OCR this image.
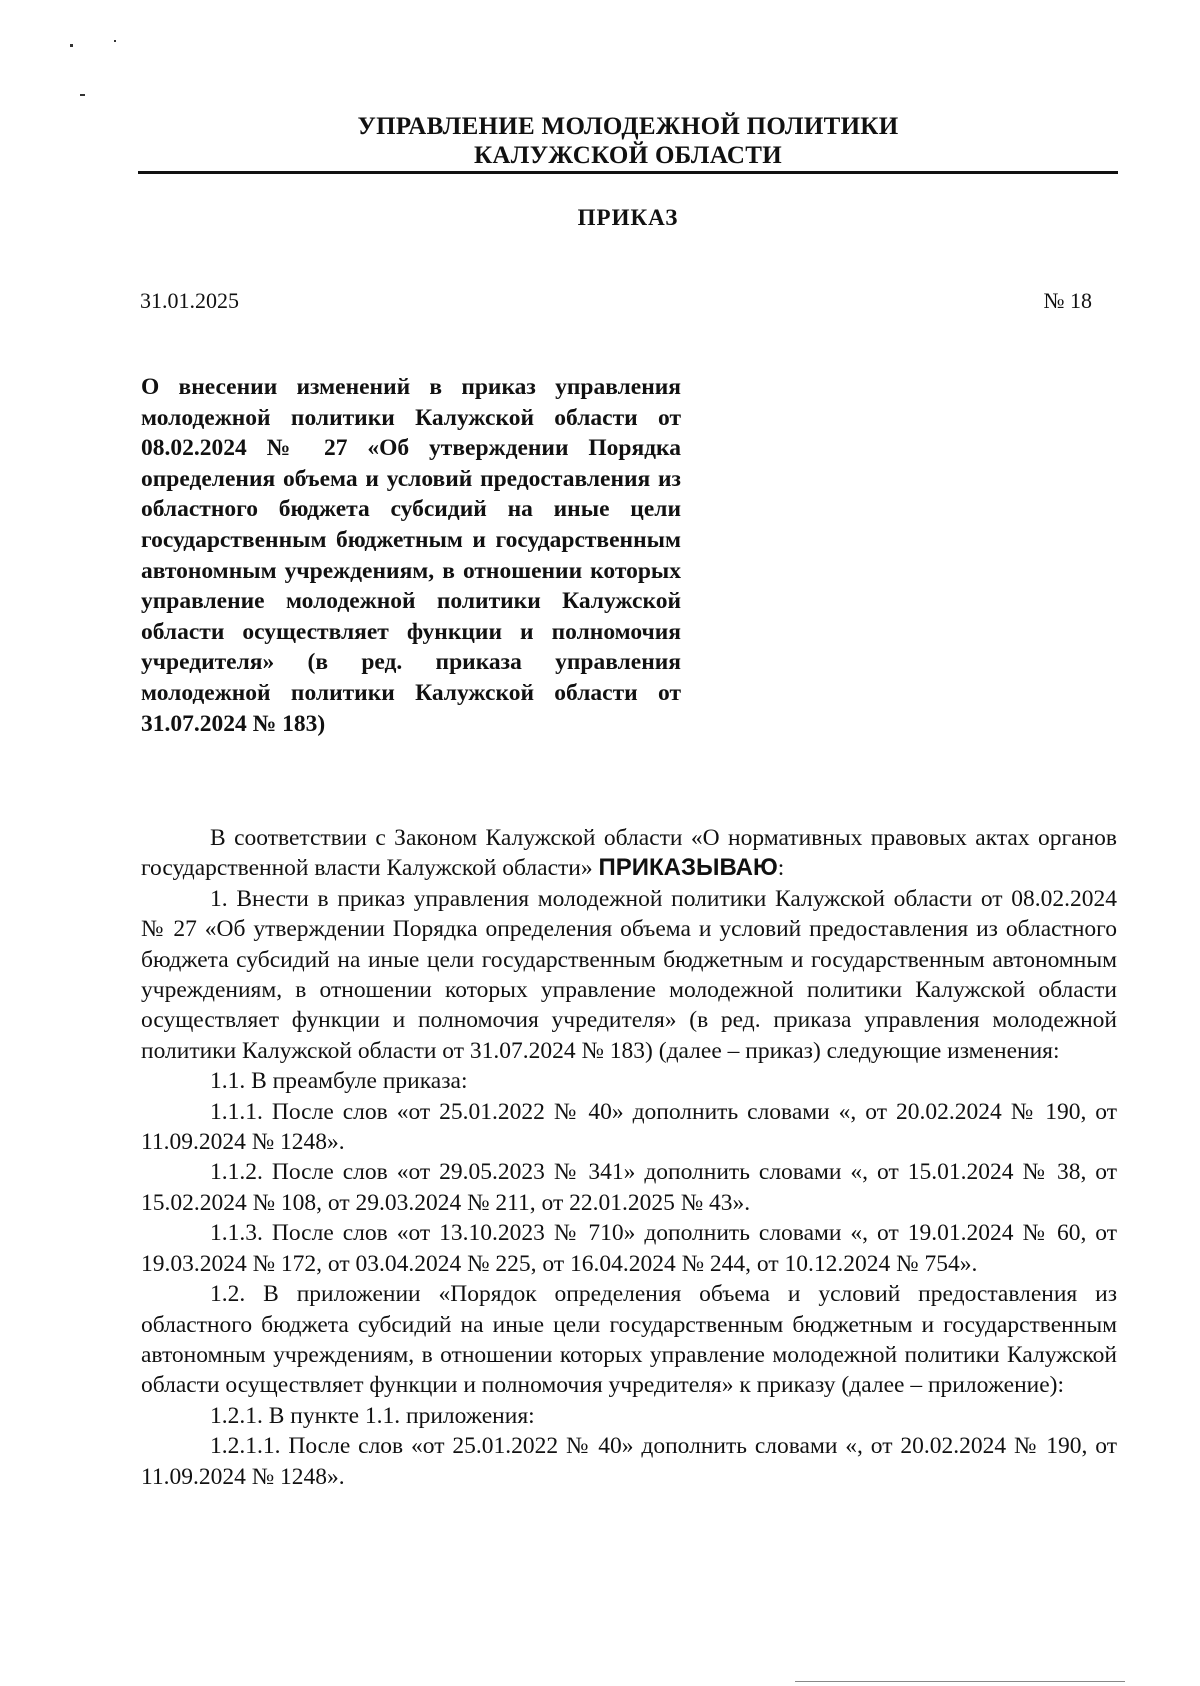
УПРАВЛЕНИЕ МОЛОДЕЖНОЙ ПОЛИТИКИ
КАЛУЖСКОЙ ОБЛАСТИ
ПРИКАЗ
31.01.2025	№ 18
О внесении изменений в приказ управления молодежной политики Калужской области от 08.02.2024 № 27 «Об утверждении Порядка определения объема и условий предоставления из областного бюджета субсидий на иные цели государственным бюджетным и государственным автономным учреждениям, в отношении которых управление молодежной политики Калужской области осуществляет функции и полномочия учредителя» (в ред. приказа управления молодежной политики Калужской области от 31.07.2024 № 183)

В соответствии с Законом Калужской области «О нормативных правовых актах органов государственной власти Калужской области» ПРИКАЗЫВАЮ:

1. Внести в приказ управления молодежной политики Калужской области от 08.02.2024 № 27 «Об утверждении Порядка определения объема и условий предоставления из областного бюджета субсидий на иные цели государственным бюджетным и государственным автономным учреждениям, в отношении которых управление молодежной политики Калужской области осуществляет функции и полномочия учредителя» (в ред. приказа управления молодежной политики Калужской области от 31.07.2024 № 183) (далее – приказ) следующие изменения:

1.1. В преамбуле приказа:

1.1.1. После слов «от 25.01.2022 № 40» дополнить словами «, от 20.02.2024 № 190, от 11.09.2024 № 1248».

1.1.2. После слов «от 29.05.2023 № 341» дополнить словами «, от 15.01.2024 № 38, от 15.02.2024 № 108, от 29.03.2024 № 211, от 22.01.2025 № 43».

1.1.3. После слов «от 13.10.2023 № 710» дополнить словами «, от 19.01.2024 № 60, от 19.03.2024 № 172, от 03.04.2024 № 225, от 16.04.2024 № 244, от 10.12.2024 № 754».

1.2. В приложении «Порядок определения объема и условий предоставления из областного бюджета субсидий на иные цели государственным бюджетным и государственным автономным учреждениям, в отношении которых управление молодежной политики Калужской области осуществляет функции и полномочия учредителя» к приказу (далее – приложение):

1.2.1. В пункте 1.1. приложения:

1.2.1.1. После слов «от 25.01.2022 № 40» дополнить словами «, от 20.02.2024 № 190, от 11.09.2024 № 1248».
